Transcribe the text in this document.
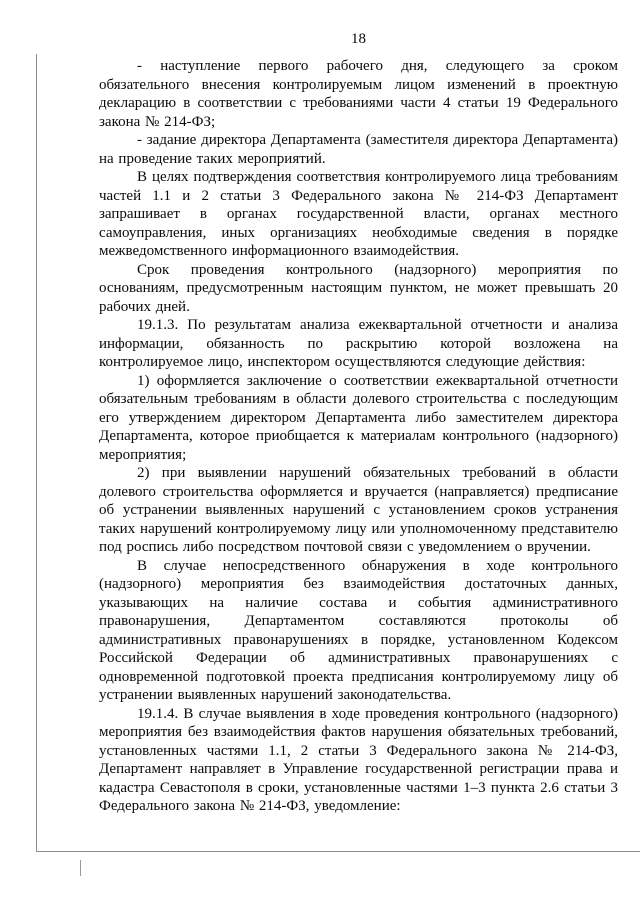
18

- наступление первого рабочего дня, следующего за сроком обязательного внесения контролируемым лицом изменений в проектную декларацию в соответствии с требованиями части 4 статьи 19 Федерального закона № 214-ФЗ;

- задание директора Департамента (заместителя директора Департамента) на проведение таких мероприятий.

В целях подтверждения соответствия контролируемого лица требованиям частей 1.1 и 2 статьи 3 Федерального закона № 214-ФЗ Департамент запрашивает в органах государственной власти, органах местного самоуправления, иных организациях необходимые сведения в порядке межведомственного информационного взаимодействия.

Срок проведения контрольного (надзорного) мероприятия по основаниям, предусмотренным настоящим пунктом, не может превышать 20 рабочих дней.

19.1.3. По результатам анализа ежеквартальной отчетности и анализа информации, обязанность по раскрытию которой возложена на контролируемое лицо, инспектором осуществляются следующие действия:

1) оформляется заключение о соответствии ежеквартальной отчетности обязательным требованиям в области долевого строительства с последующим его утверждением директором Департамента либо заместителем директора Департамента, которое приобщается к материалам контрольного (надзорного) мероприятия;

2) при выявлении нарушений обязательных требований в области долевого строительства оформляется и вручается (направляется) предписание об устранении выявленных нарушений с установлением сроков устранения таких нарушений контролируемому лицу или уполномоченному представителю под роспись либо посредством почтовой связи с уведомлением о вручении.

В случае непосредственного обнаружения в ходе контрольного (надзорного) мероприятия без взаимодействия достаточных данных, указывающих на наличие состава и события административного правонарушения, Департаментом составляются протоколы об административных правонарушениях в порядке, установленном Кодексом Российской Федерации об административных правонарушениях с одновременной подготовкой проекта предписания контролируемому лицу об устранении выявленных нарушений законодательства.

19.1.4. В случае выявления в ходе проведения контрольного (надзорного) мероприятия без взаимодействия фактов нарушения обязательных требований, установленных частями 1.1, 2 статьи 3 Федерального закона № 214-ФЗ, Департамент направляет в Управление государственной регистрации права и кадастра Севастополя в сроки, установленные частями 1–3 пункта 2.6 статьи 3 Федерального закона № 214-ФЗ, уведомление:
